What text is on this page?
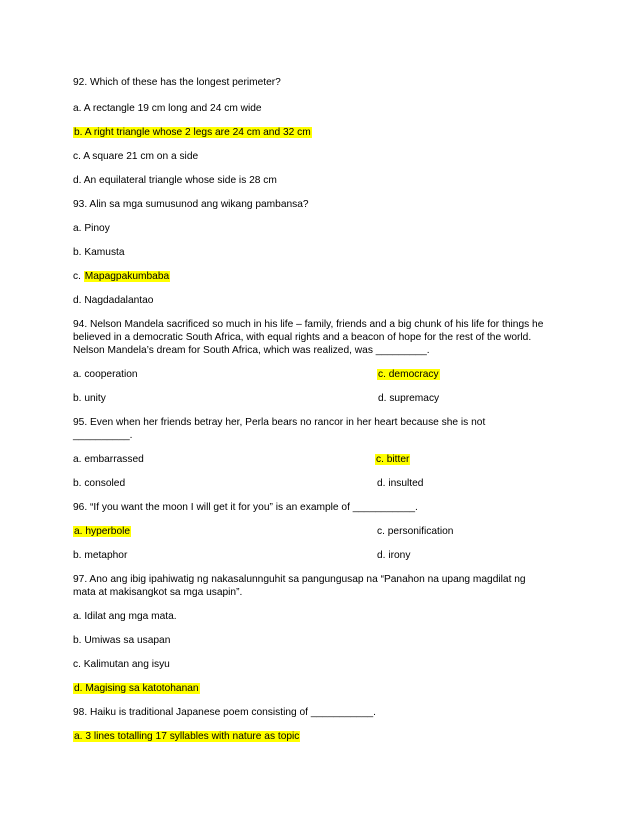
92. Which of these has the longest perimeter?
a. A rectangle 19 cm long and 24 cm wide
b. A right triangle whose 2 legs are 24 cm and 32 cm
c. A square 21 cm on a side
d. An equilateral triangle whose side is 28 cm
93. Alin sa mga sumusunod ang wikang pambansa?
a. Pinoy
b. Kamusta
c. Mapagpakumbaba
d. Nagdadalantao
94. Nelson Mandela sacrificed so much in his life – family, friends and a big chunk of his life for things he
believed in a democratic South Africa, with equal rights and a beacon of hope for the rest of the world.
Nelson Mandela’s dream for South Africa, which was realized, was _________.
a. cooperation	c. democracy
b. unity	d. supremacy
95. Even when her friends betray her, Perla bears no rancor in her heart because she is not
__________.
a. embarrassed	c. bitter
b. consoled	d. insulted
96. “If you want the moon I will get it for you” is an example of ___________.
a. hyperbole	c. personification
b. metaphor	d. irony
97. Ano ang ibig ipahiwatig ng nakasalunnguhit sa pangungusap na “Panahon na upang magdilat ng
mata at makisangkot sa mga usapin”.
a. Idilat ang mga mata.
b. Umiwas sa usapan
c. Kalimutan ang isyu
d. Magising sa katotohanan
98. Haiku is traditional Japanese poem consisting of ___________.
a. 3 lines totalling 17 syllables with nature as topic
